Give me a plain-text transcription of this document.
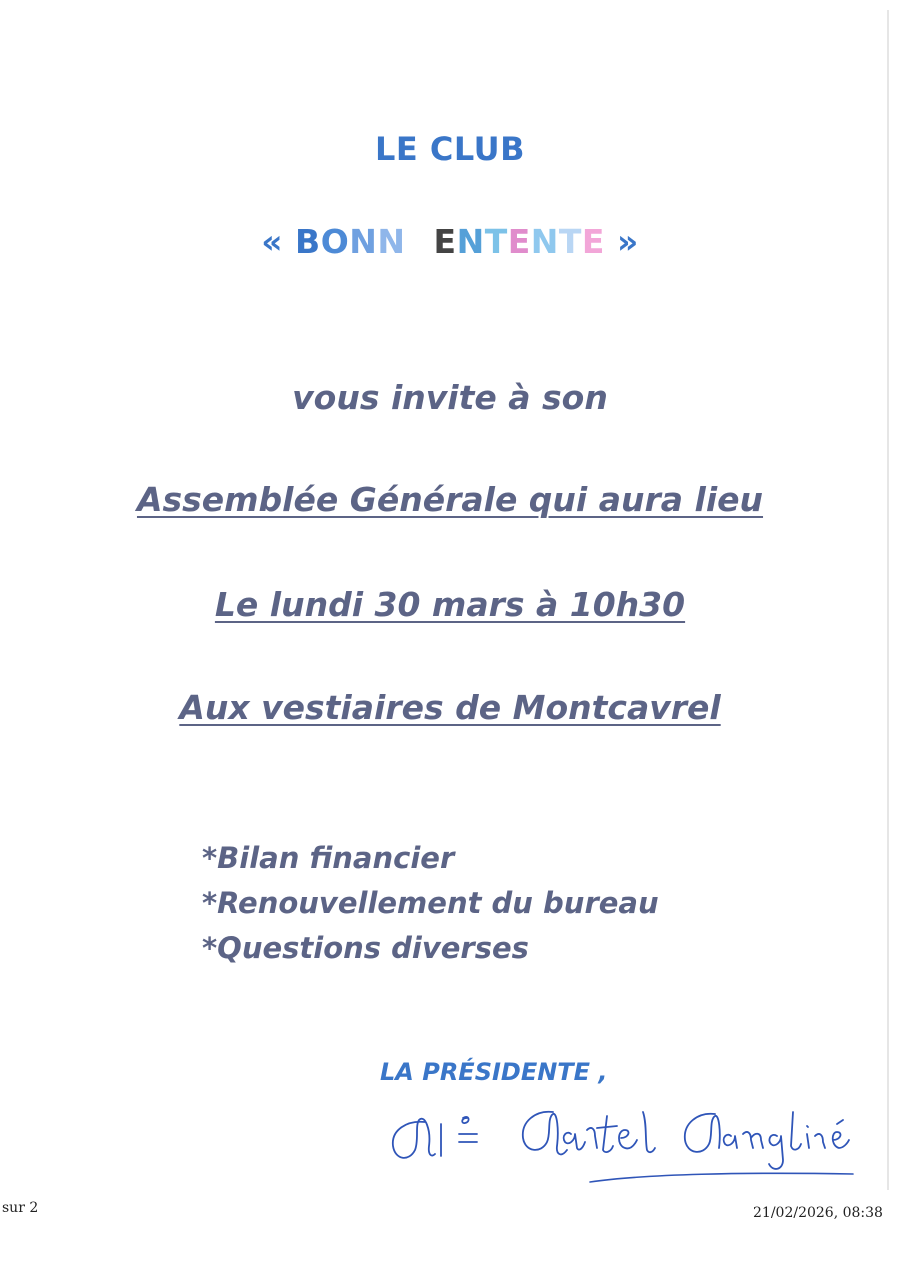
LE CLUB
« BONN ENTENTE »
vous invite à son
Assemblée Générale qui aura lieu
Le lundi 30 mars à 10h30
Aux vestiaires de Montcavrel
*Bilan financier
*Renouvellement du bureau
*Questions diverses
LA PRÉSIDENTE ,
sur 2	21/02/2026, 08:38
